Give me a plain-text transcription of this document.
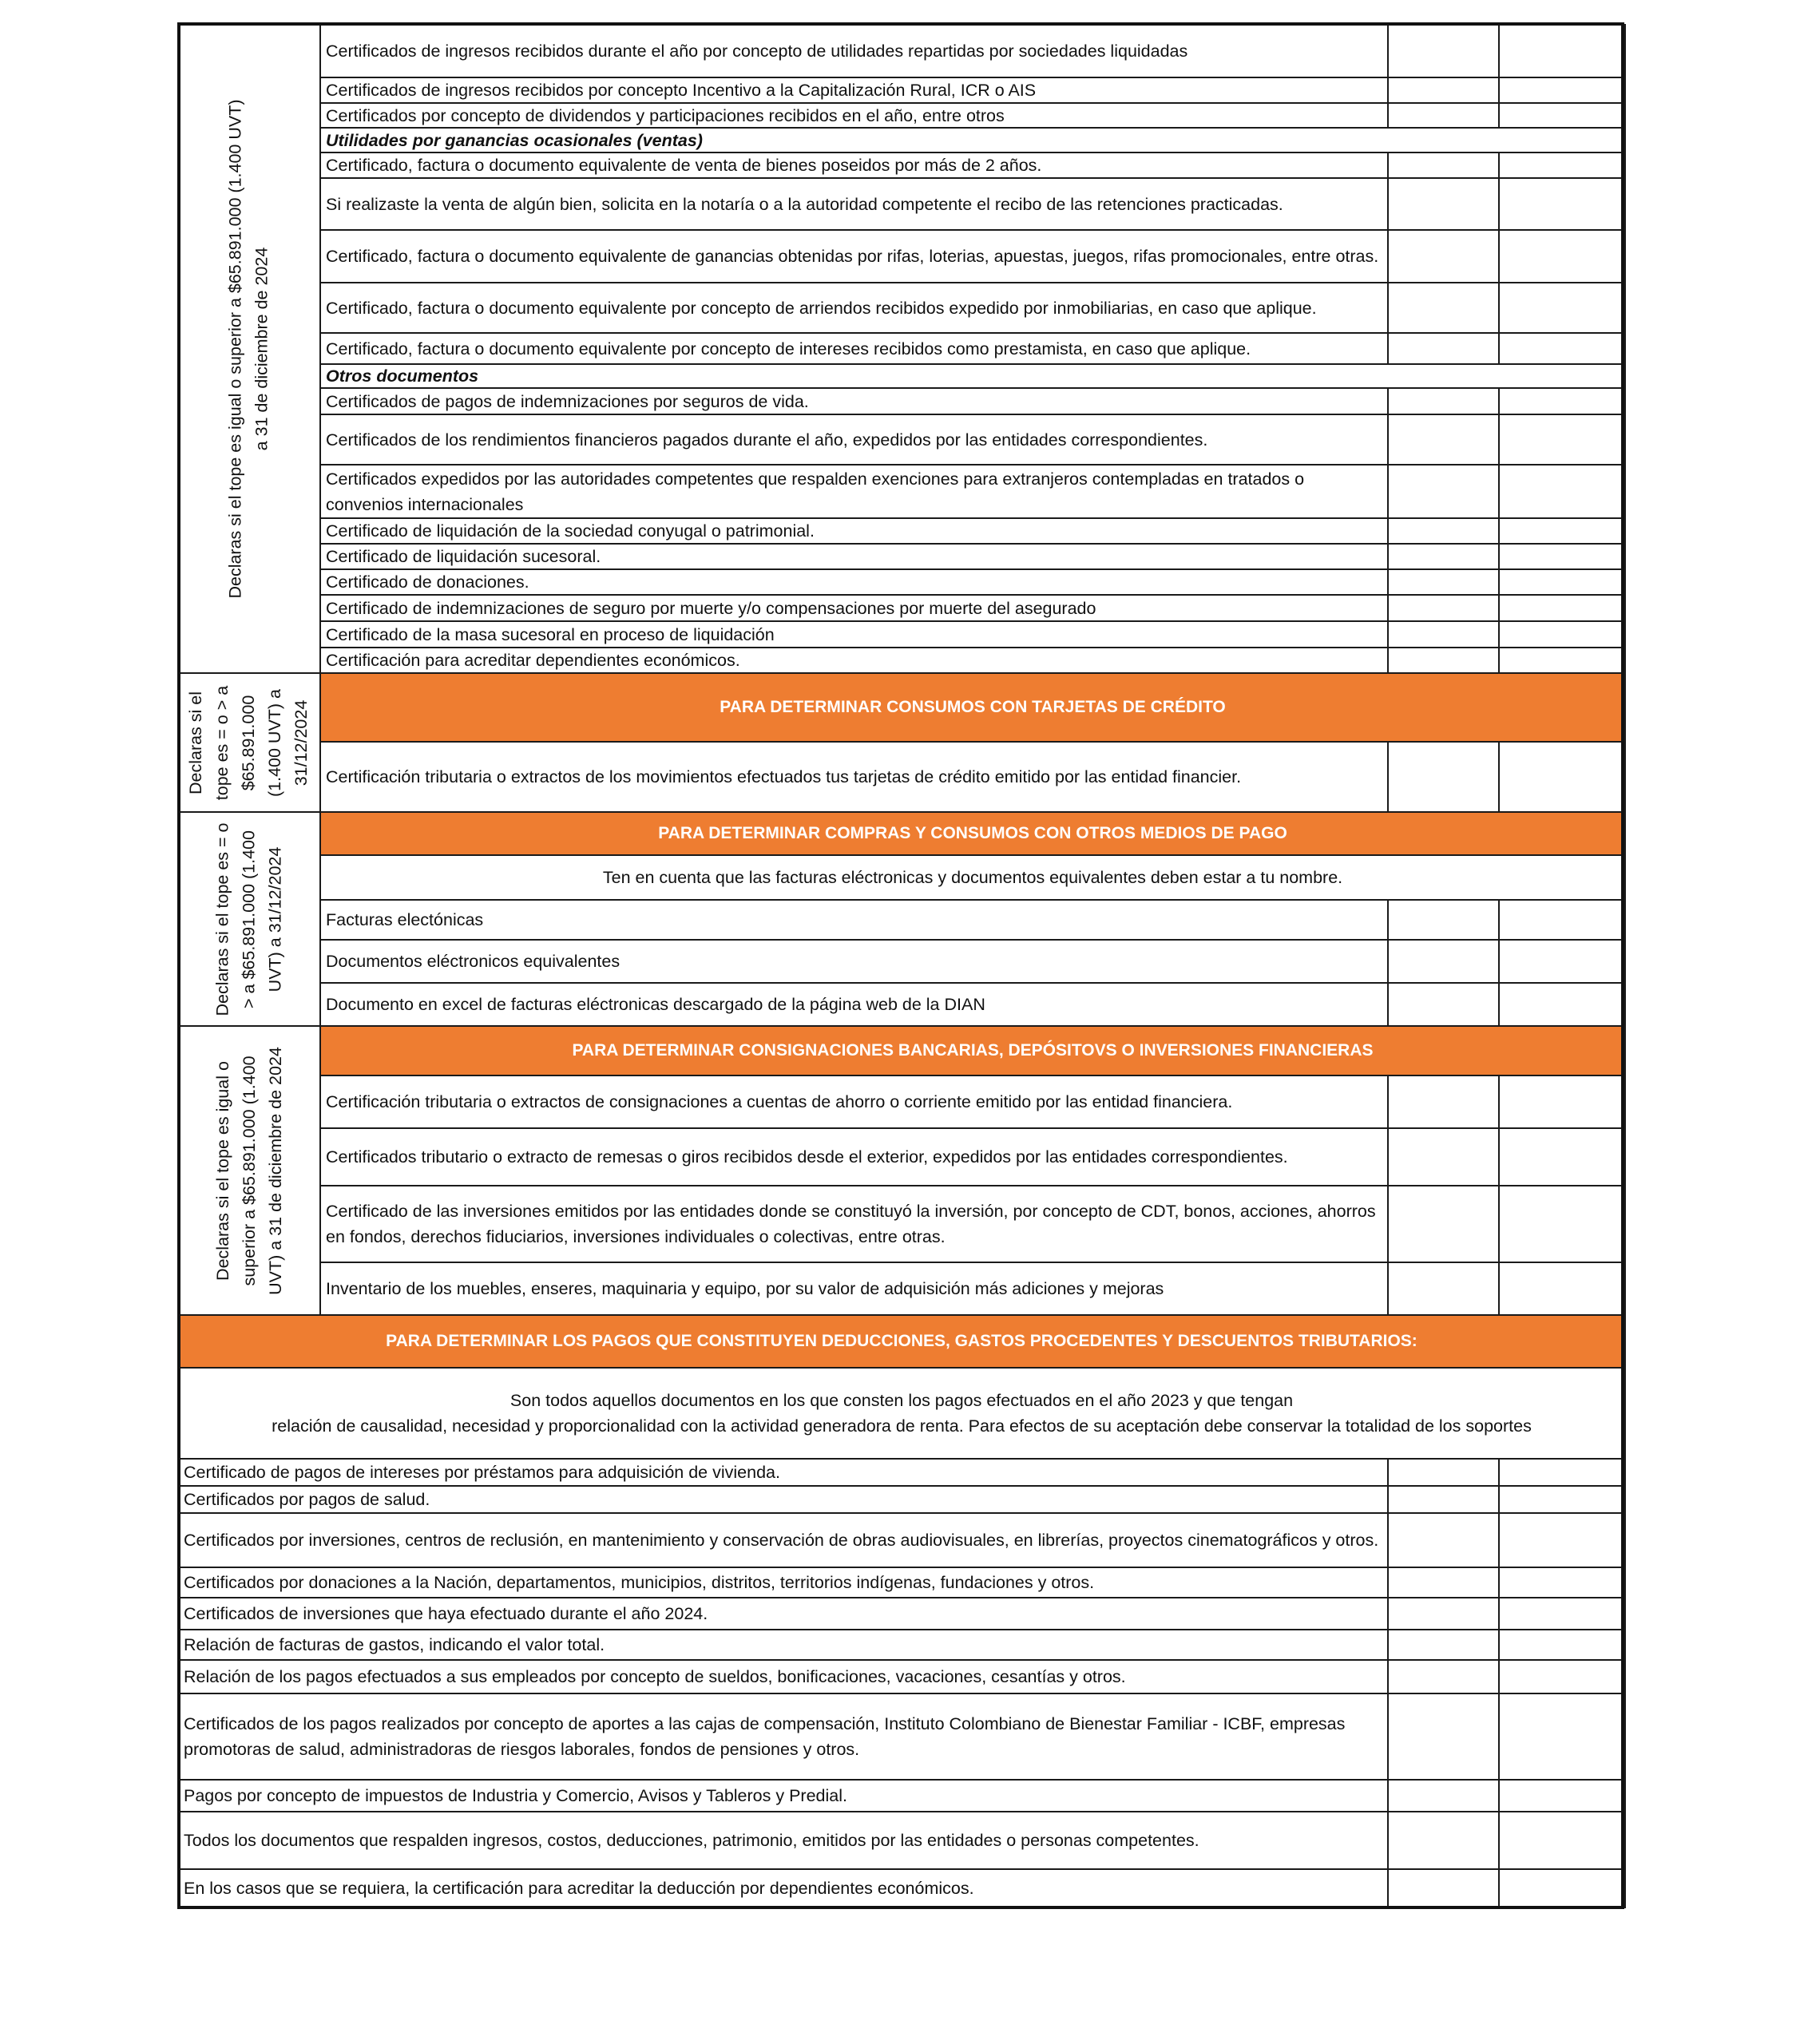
Declaras si el tope es igual o superior a $65.891.000 (1.400 UVT) a 31 de diciembre de 2024
Certificados de ingresos recibidos durante el año por concepto de utilidades repartidas por sociedades liquidadas
Certificados de ingresos recibidos por concepto Incentivo a la Capitalización Rural, ICR o AIS
Certificados por concepto de dividendos y participaciones recibidos en el año, entre otros
Utilidades por ganancias ocasionales (ventas)
Certificado, factura o documento equivalente de venta de bienes poseidos por más de 2 años.
Si realizaste la venta de algún bien, solicita en la notaría o a la autoridad competente el recibo de las retenciones practicadas.
Certificado, factura o documento equivalente de ganancias obtenidas por rifas, loterias, apuestas, juegos, rifas promocionales, entre otras.
Certificado, factura o documento equivalente por concepto de arriendos recibidos expedido por inmobiliarias, en caso que aplique.
Certificado, factura o documento equivalente por concepto de intereses recibidos como prestamista, en caso que aplique.
Otros documentos
Certificados de pagos de indemnizaciones por seguros de vida.
Certificados de los rendimientos financieros pagados durante el año, expedidos por las entidades correspondientes.
Certificados expedidos por las autoridades competentes que respalden exenciones para extranjeros contempladas en tratados o convenios internacionales
Certificado de liquidación de la sociedad conyugal o patrimonial.
Certificado de liquidación sucesoral.
Certificado de donaciones.
Certificado de indemnizaciones de seguro por muerte y/o compensaciones por muerte del asegurado
Certificado de la masa sucesoral en proceso de liquidación
Certificación para acreditar dependientes económicos.
Declaras si el tope es = o > a $65.891.000 (1.400 UVT) a 31/12/2024	PARA DETERMINAR CONSUMOS CON TARJETAS DE CRÉDITO
Certificación tributaria o extractos de los movimientos efectuados tus tarjetas de crédito emitido por las entidad financier.
Declaras si el tope es = o > a $65.891.000 (1.400 UVT) a 31/12/2024
PARA DETERMINAR COMPRAS Y CONSUMOS CON OTROS MEDIOS DE PAGO
Ten en cuenta que las facturas eléctronicas y documentos equivalentes deben estar a tu nombre.
Facturas electónicas
Documentos eléctronicos equivalentes
Documento en excel de facturas eléctronicas descargado de la página web de la DIAN
Declaras si el tope es igual o superior a $65.891.000 (1.400 UVT) a 31 de diciembre de 2024	PARA DETERMINAR CONSIGNACIONES BANCARIAS, DEPÓSITOVS O INVERSIONES FINANCIERAS
Certificación tributaria o extractos de consignaciones a cuentas de ahorro o corriente emitido por las entidad financiera.
Certificados tributario o extracto de remesas o giros recibidos desde el exterior, expedidos por las entidades correspondientes.
Certificado de las inversiones emitidos por las entidades donde se constituyó la inversión, por concepto de CDT, bonos, acciones, ahorros en fondos, derechos fiduciarios, inversiones individuales o colectivas, entre otras.
Inventario de los muebles, enseres, maquinaria y equipo, por su valor de adquisición más adiciones y mejoras
PARA DETERMINAR LOS PAGOS QUE CONSTITUYEN DEDUCCIONES, GASTOS PROCEDENTES Y DESCUENTOS TRIBUTARIOS:
Son todos aquellos documentos en los que consten los pagos efectuados en el año 2023 y que tengan
relación de causalidad, necesidad y proporcionalidad con la actividad generadora de renta. Para efectos de su aceptación debe conservar la totalidad de los soportes
Certificado de pagos de intereses por préstamos para adquisición de vivienda.
Certificados por pagos de salud.
Certificados por inversiones, centros de reclusión, en mantenimiento y conservación de obras audiovisuales, en librerías, proyectos cinematográficos y otros.
Certificados por donaciones a la Nación, departamentos, municipios, distritos, territorios indígenas, fundaciones y otros.
Certificados de inversiones que haya efectuado durante el año 2024.
Relación de facturas de gastos, indicando el valor total.
Relación de los pagos efectuados a sus empleados por concepto de sueldos, bonificaciones, vacaciones, cesantías y otros.
Certificados de los pagos realizados por concepto de aportes a las cajas de compensación, Instituto Colombiano de Bienestar Familiar - ICBF, empresas promotoras de salud, administradoras de riesgos laborales, fondos de pensiones y otros.
Pagos por concepto de impuestos de Industria y Comercio, Avisos y Tableros y Predial.
Todos los documentos que respalden ingresos, costos, deducciones, patrimonio, emitidos por las entidades o personas competentes.
En los casos que se requiera, la certificación para acreditar la deducción por dependientes económicos.
